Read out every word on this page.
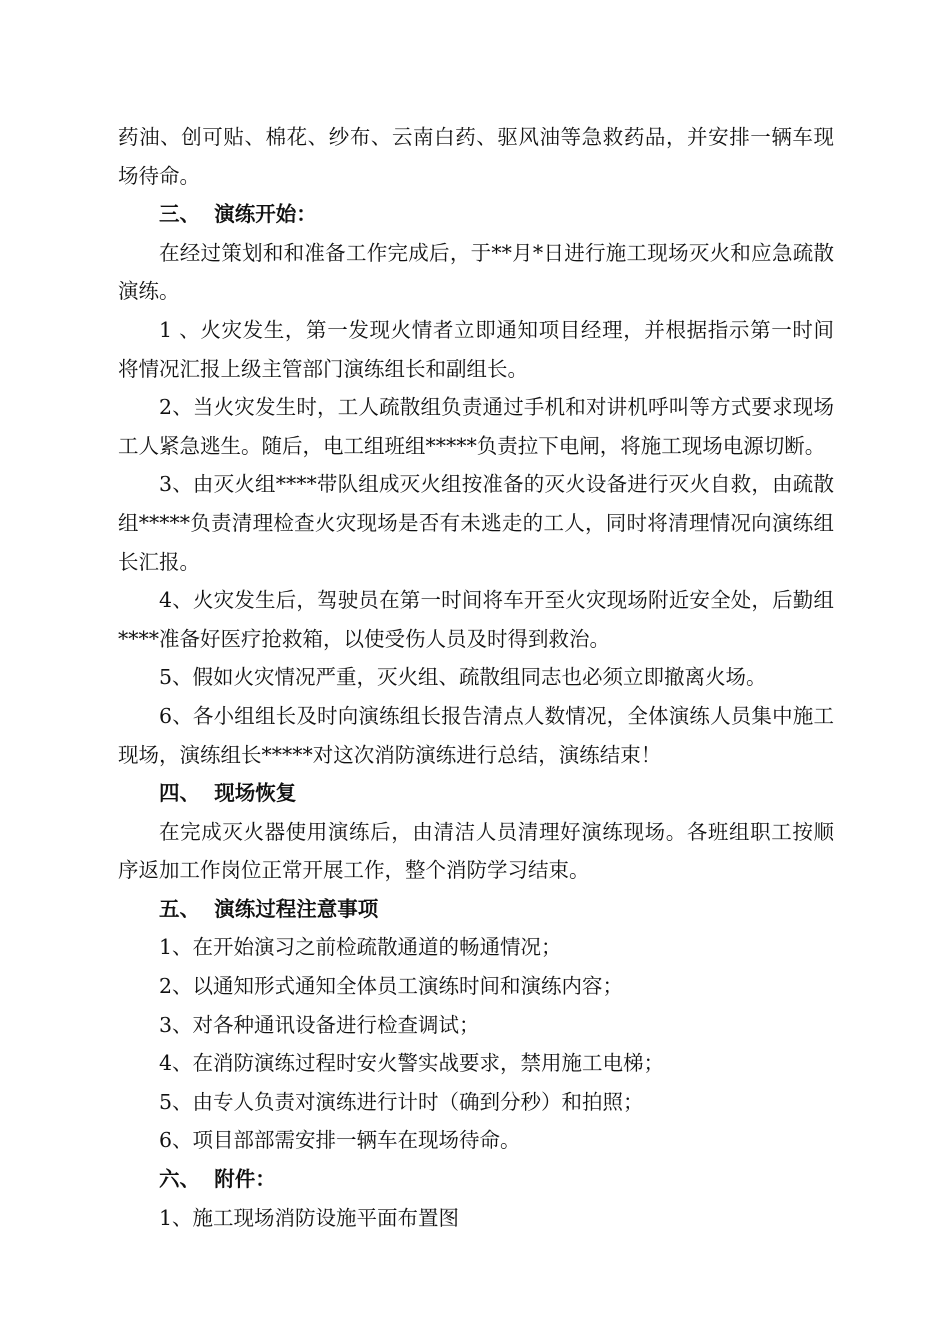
药油、创可贴、棉花、纱布、云南白药、驱风油等急救药品，并安排一辆车现场待命。

三、  演练开始：

在经过策划和和准备工作完成后，于**月*日进行施工现场灭火和应急疏散演练。

1 、火灾发生，第一发现火情者立即通知项目经理，并根据指示第一时间将情况汇报上级主管部门演练组长和副组长。

2、当火灾发生时，工人疏散组负责通过手机和对讲机呼叫等方式要求现场工人紧急逃生。随后，电工组班组*****负责拉下电闸，将施工现场电源切断。

3、由灭火组****带队组成灭火组按准备的灭火设备进行灭火自救，由疏散组*****负责清理检查火灾现场是否有未逃走的工人，同时将清理情况向演练组长汇报。

4、火灾发生后，驾驶员在第一时间将车开至火灾现场附近安全处，后勤组****准备好医疗抢救箱，以使受伤人员及时得到救治。

5、假如火灾情况严重，灭火组、疏散组同志也必须立即撤离火场。

6、各小组组长及时向演练组长报告清点人数情况，全体演练人员集中施工现场，演练组长*****对这次消防演练进行总结，演练结束！

四、  现场恢复

在完成灭火器使用演练后，由清洁人员清理好演练现场。各班组职工按顺序返加工作岗位正常开展工作，整个消防学习结束。

五、  演练过程注意事项

1、在开始演习之前检疏散通道的畅通情况；

2、以通知形式通知全体员工演练时间和演练内容；

3、对各种通讯设备进行检查调试；

4、在消防演练过程时安火警实战要求，禁用施工电梯；

5、由专人负责对演练进行计时（确到分秒）和拍照；

6、项目部部需安排一辆车在现场待命。

六、  附件：

1、施工现场消防设施平面布置图
